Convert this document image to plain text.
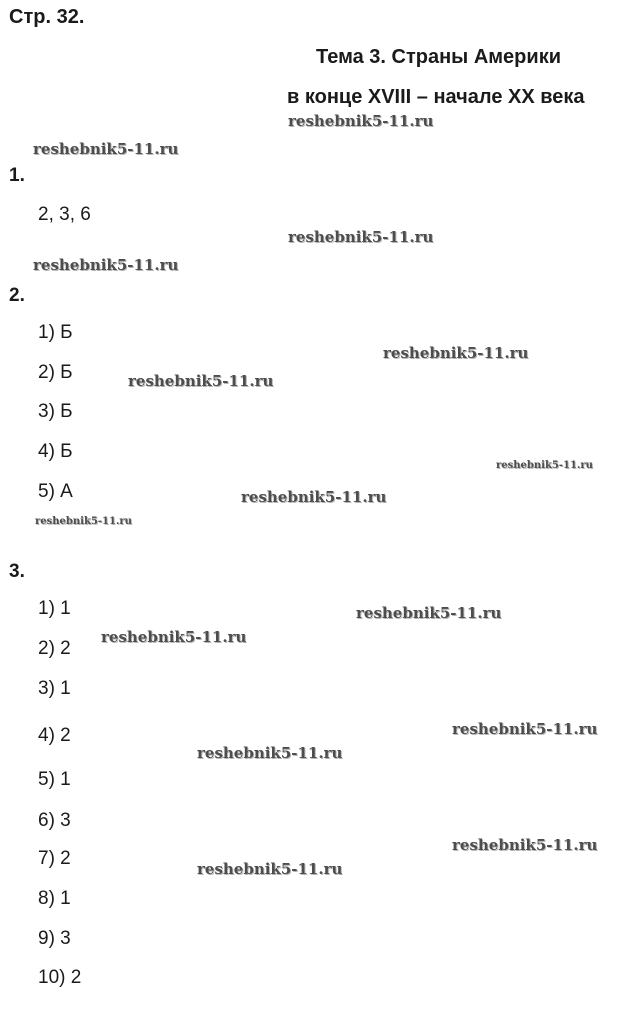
Стр. 32.
Тема 3. Страны Америки
в конце XVIII – начале XX века
1.
2, 3, 6
2.
1) Б
2) Б
3) Б
4) Б
5) А
3.
1) 1
2) 2
3) 1
4) 2
5) 1
6) 3
7) 2
8) 1
9) 3
10) 2
reshebnik5-11.ru
reshebnik5-11.ru
reshebnik5-11.ru
reshebnik5-11.ru
reshebnik5-11.ru
reshebnik5-11.ru
reshebnik5-11.ru
reshebnik5-11.ru
reshebnik5-11.ru
reshebnik5-11.ru
reshebnik5-11.ru
reshebnik5-11.ru
reshebnik5-11.ru
reshebnik5-11.ru
reshebnik5-11.ru
